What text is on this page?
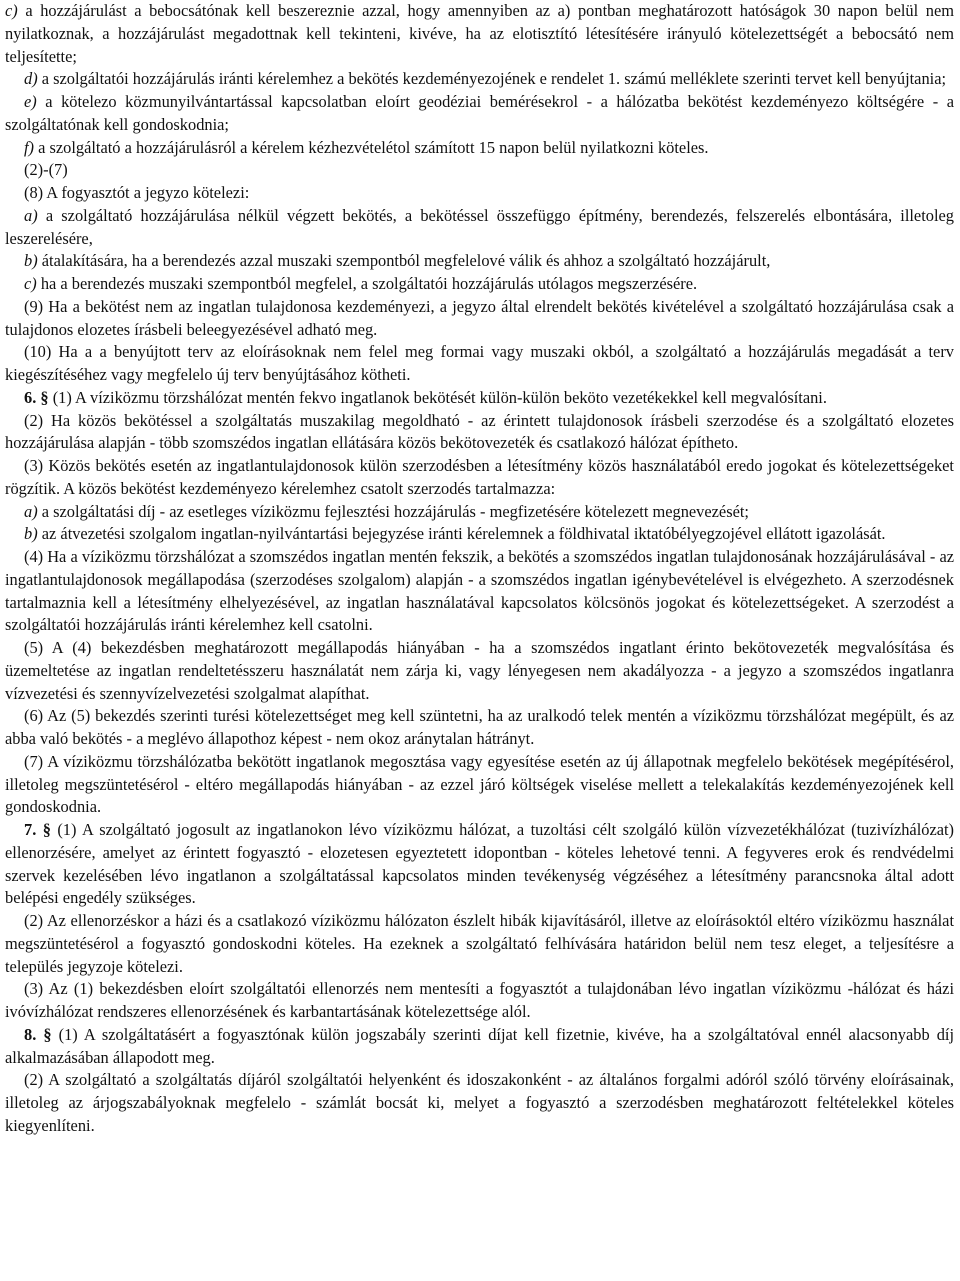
c) a hozzájárulást a bebocsátónak kell beszereznie azzal, hogy amennyiben az a) pontban meghatározott hatóságok 30 napon belül nem nyilatkoznak, a hozzájárulást megadottnak kell tekinteni, kivéve, ha az elotisztító létesítésére irányuló kötelezettségét a bebocsátó nem teljesítette;

d) a szolgáltatói hozzájárulás iránti kérelemhez a bekötés kezdeményezojének e rendelet 1. számú melléklete szerinti tervet kell benyújtania;

e) a kötelezo közmunyilvántartással kapcsolatban eloírt geodéziai bemérésekrol - a hálózatba bekötést kezdeményezo költségére - a szolgáltatónak kell gondoskodnia;

f) a szolgáltató a hozzájárulásról a kérelem kézhezvételétol számított 15 napon belül nyilatkozni köteles.

(2)-(7)

(8) A fogyasztót a jegyzo kötelezi:

a) a szolgáltató hozzájárulása nélkül végzett bekötés, a bekötéssel összefüggo építmény, berendezés, felszerelés elbontására, illetoleg leszerelésére,

b) átalakítására, ha a berendezés azzal muszaki szempontból megfelelové válik és ahhoz a szolgáltató hozzájárult,

c) ha a berendezés muszaki szempontból megfelel, a szolgáltatói hozzájárulás utólagos megszerzésére.

(9) Ha a bekötést nem az ingatlan tulajdonosa kezdeményezi, a jegyzo által elrendelt bekötés kivételével a szolgáltató hozzájárulása csak a tulajdonos elozetes írásbeli beleegyezésével adható meg.

(10) Ha a a benyújtott terv az eloírásoknak nem felel meg formai vagy muszaki okból, a szolgáltató a hozzájárulás megadását a terv kiegészítéséhez vagy megfelelo új terv benyújtásához kötheti.

6. § (1) A víziközmu törzshálózat mentén fekvo ingatlanok bekötését külön-külön beköto vezetékekkel kell megvalósítani.

(2) Ha közös bekötéssel a szolgáltatás muszakilag megoldható - az érintett tulajdonosok írásbeli szerzodése és a szolgáltató elozetes hozzájárulása alapján - több szomszédos ingatlan ellátására közös bekötovezeték és csatlakozó hálózat építheto.

(3) Közös bekötés esetén az ingatlantulajdonosok külön szerzodésben a létesítmény közös használatából eredo jogokat és kötelezettségeket rögzítik. A közös bekötést kezdeményezo kérelemhez csatolt szerzodés tartalmazza:

a) a szolgáltatási díj - az esetleges víziközmu fejlesztési hozzájárulás - megfizetésére kötelezett megnevezését;

b) az átvezetési szolgalom ingatlan-nyilvántartási bejegyzése iránti kérelemnek a földhivatal iktatóbélyegzojével ellátott igazolását.

(4) Ha a víziközmu törzshálózat a szomszédos ingatlan mentén fekszik, a bekötés a szomszédos ingatlan tulajdonosának hozzájárulásával - az ingatlantulajdonosok megállapodása (szerzodéses szolgalom) alapján - a szomszédos ingatlan igénybevételével is elvégezheto. A szerzodésnek tartalmaznia kell a létesítmény elhelyezésével, az ingatlan használatával kapcsolatos kölcsönös jogokat és kötelezettségeket. A szerzodést a szolgáltatói hozzájárulás iránti kérelemhez kell csatolni.

(5) A (4) bekezdésben meghatározott megállapodás hiányában - ha a szomszédos ingatlant érinto bekötovezeték megvalósítása és üzemeltetése az ingatlan rendeltetésszeru használatát nem zárja ki, vagy lényegesen nem akadályozza - a jegyzo a szomszédos ingatlanra vízvezetési és szennyvízelvezetési szolgalmat alapíthat.

(6) Az (5) bekezdés szerinti turési kötelezettséget meg kell szüntetni, ha az uralkodó telek mentén a víziközmu törzshálózat megépült, és az abba való bekötés - a meglévo állapothoz képest - nem okoz aránytalan hátrányt.

(7) A víziközmu törzshálózatba bekötött ingatlanok megosztása vagy egyesítése esetén az új állapotnak megfelelo bekötések megépítésérol, illetoleg megszüntetésérol - eltéro megállapodás hiányában - az ezzel járó költségek viselése mellett a telekalakítás kezdeményezojének kell gondoskodnia.

7. § (1) A szolgáltató jogosult az ingatlanokon lévo víziközmu hálózat, a tuzoltási célt szolgáló külön vízvezetékhálózat (tuzivízhálózat) ellenorzésére, amelyet az érintett fogyasztó - elozetesen egyeztetett idopontban - köteles lehetové tenni. A fegyveres erok és rendvédelmi szervek kezelésében lévo ingatlanon a szolgáltatással kapcsolatos minden tevékenység végzéséhez a létesítmény parancsnoka által adott belépési engedély szükséges.

(2) Az ellenorzéskor a házi és a csatlakozó víziközmu hálózaton észlelt hibák kijavításáról, illetve az eloírásoktól eltéro víziközmu használat megszüntetésérol a fogyasztó gondoskodni köteles. Ha ezeknek a szolgáltató felhívására határidon belül nem tesz eleget, a teljesítésre a település jegyzoje kötelezi.

(3) Az (1) bekezdésben eloírt szolgáltatói ellenorzés nem mentesíti a fogyasztót a tulajdonában lévo ingatlan víziközmu -hálózat és házi ivóvízhálózat rendszeres ellenorzésének és karbantartásának kötelezettsége alól.

8. § (1) A szolgáltatásért a fogyasztónak külön jogszabály szerinti díjat kell fizetnie, kivéve, ha a szolgáltatóval ennél alacsonyabb díj alkalmazásában állapodott meg.

(2) A szolgáltató a szolgáltatás díjáról szolgáltatói helyenként és idoszakonként - az általános forgalmi adóról szóló törvény eloírásainak, illetoleg az árjogszabályoknak megfelelo - számlát bocsát ki, melyet a fogyasztó a szerzodésben meghatározott feltételekkel köteles kiegyenlíteni.
